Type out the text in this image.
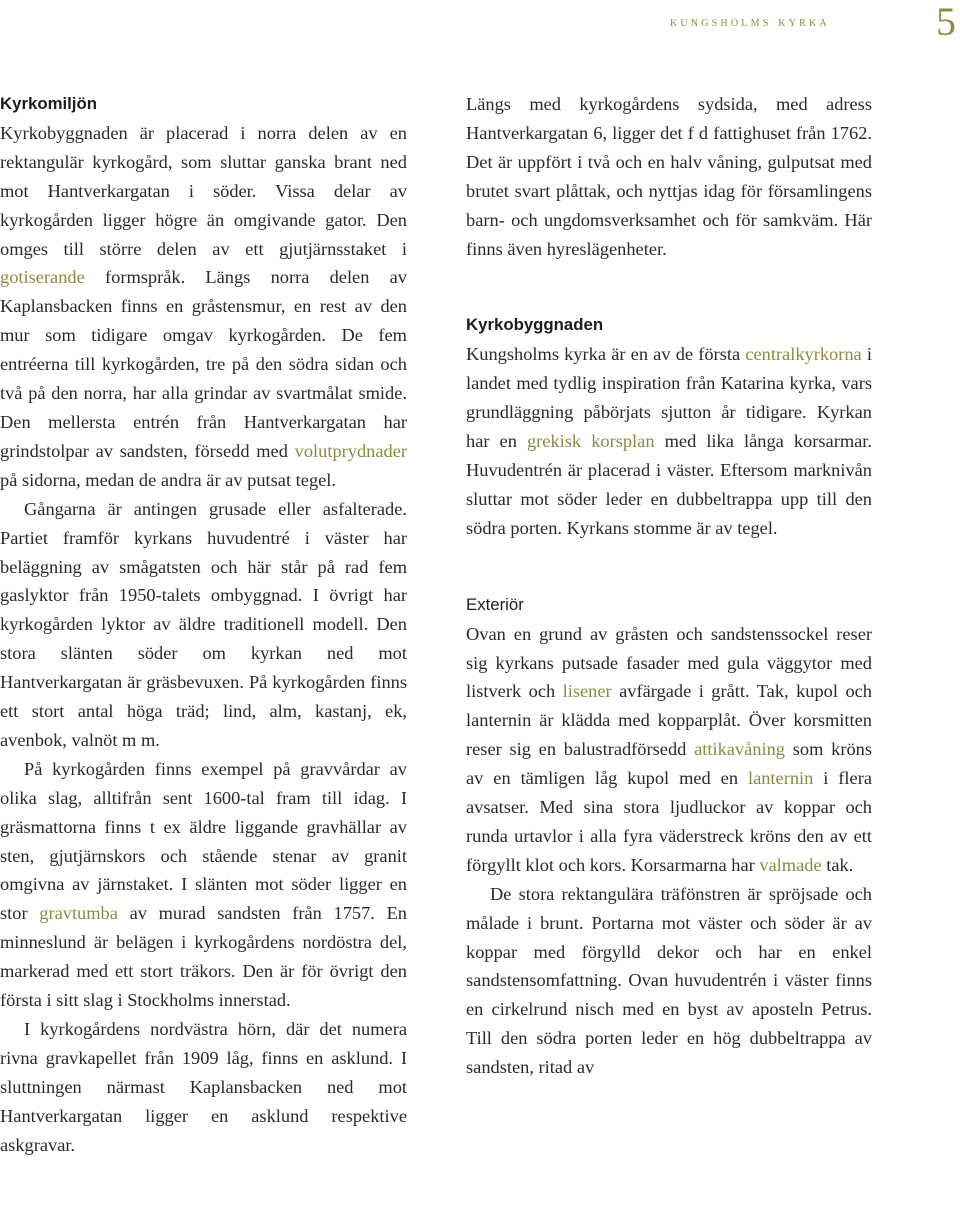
kungsholms kyrka	5
Kyrkomiljön

Kyrkobyggnaden är placerad i norra delen av en rektangulär kyrkogård, som sluttar ganska brant ned mot Hantverkargatan i söder. Vissa delar av kyrkogården ligger högre än omgivande gator. Den omges till större delen av ett gjutjärnsstaket i gotiserande formspråk. Längs norra delen av Kaplansbacken finns en gråstensmur, en rest av den mur som tidigare omgav kyrkogården. De fem entréerna till kyrkogården, tre på den södra sidan och två på den norra, har alla grindar av svartmålat smide. Den mellersta entrén från Hantverkargatan har grindstolpar av sandsten, försedd med volutprydnader på sidorna, medan de andra är av putsat tegel.

Gångarna är antingen grusade eller asfalterade. Partiet framför kyrkans huvudentré i väster har beläggning av smågatsten och här står på rad fem gaslyktor från 1950-talets ombyggnad. I övrigt har kyrkogården lyktor av äldre traditionell modell. Den stora slänten söder om kyrkan ned mot Hantverkargatan är gräsbevuxen. På kyrkogården finns ett stort antal höga träd; lind, alm, kastanj, ek, avenbok, valnöt m m.

På kyrkogården finns exempel på gravvårdar av olika slag, alltifrån sent 1600-tal fram till idag. I gräsmattorna finns t ex äldre liggande gravhällar av sten, gjutjärnskors och stående stenar av granit omgivna av järnstaket. I slänten mot söder ligger en stor gravtumba av murad sandsten från 1757. En minneslund är belägen i kyrkogårdens nordöstra del, markerad med ett stort träkors. Den är för övrigt den första i sitt slag i Stockholms innerstad.

I kyrkogårdens nordvästra hörn, där det numera rivna gravkapellet från 1909 låg, finns en asklund. I sluttningen närmast Kaplansbacken ned mot Hantverkargatan ligger en asklund respektive askgravar.

Längs med kyrkogårdens sydsida, med adress Hantverkargatan 6, ligger det f d fattighuset från 1762. Det är uppfört i två och en halv våning, gulputsat med brutet svart plåttak, och nyttjas idag för församlingens barn- och ungdomsverksamhet och för samkväm. Här finns även hyreslägenheter.

Kyrkobyggnaden

Kungsholms kyrka är en av de första centralkyrkorna i landet med tydlig inspiration från Katarina kyrka, vars grundläggning påbörjats sjutton år tidigare. Kyrkan har en grekisk korsplan med lika långa korsarmar. Huvudentrén är placerad i väster. Eftersom marknivån sluttar mot söder leder en dubbeltrappa upp till den södra porten. Kyrkans stomme är av tegel.

Exteriör

Ovan en grund av gråsten och sandstenssockel reser sig kyrkans putsade fasader med gula väggytor med listverk och lisener avfärgade i grått. Tak, kupol och lanternin är klädda med kopparplåt. Över korsmitten reser sig en balustradförsedd attikavåning som kröns av en tämligen låg kupol med en lanternin i flera avsatser. Med sina stora ljudluckor av koppar och runda urtavlor i alla fyra väderstreck kröns den av ett förgyllt klot och kors. Korsarmarna har valmade tak.

De stora rektangulära träfönstren är spröjsade och målade i brunt. Portarna mot väster och söder är av koppar med förgylld dekor och har en enkel sandstensomfattning. Ovan huvudentrén i väster finns en cirkelrund nisch med en byst av aposteln Petrus. Till den södra porten leder en hög dubbeltrappa av sandsten, ritad av
